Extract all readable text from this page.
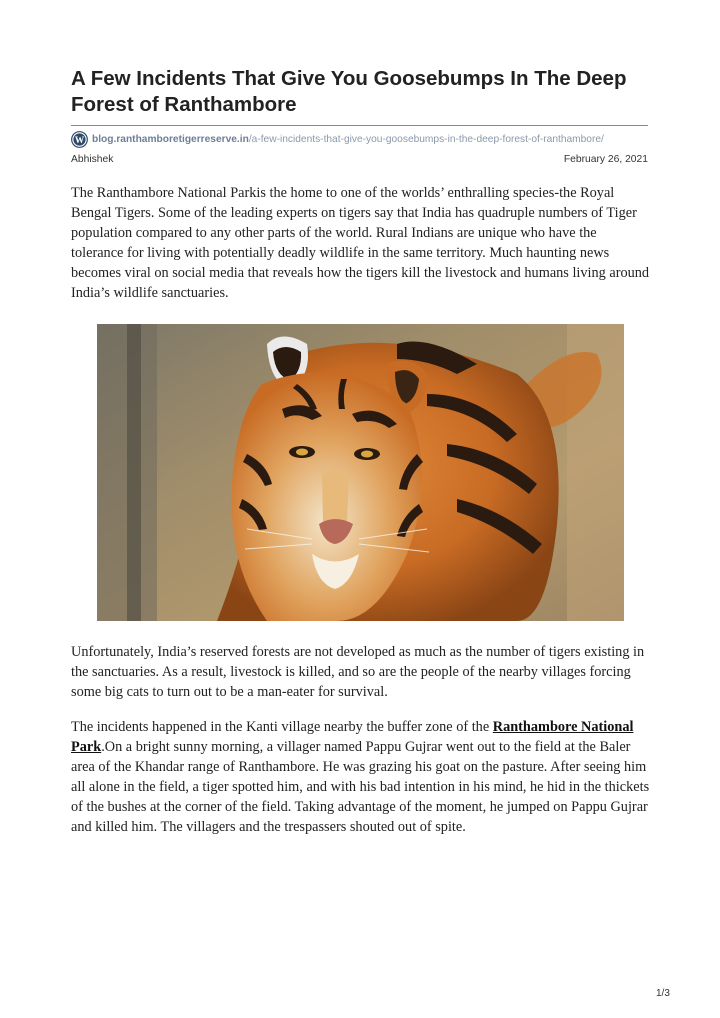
A Few Incidents That Give You Goosebumps In The Deep Forest of Ranthambore
W blog.ranthamboretigerreserve.in /a-few-incidents-that-give-you-goosebumps-in-the-deep-forest-of-ranthambore/
Abhishek	February 26, 2021

The Ranthambore National Parkis the home to one of the worlds’ enthralling species-the Royal Bengal Tigers. Some of the leading experts on tigers say that India has quadruple numbers of Tiger population compared to any other parts of the world. Rural Indians are unique who have the tolerance for living with potentially deadly wildlife in the same territory. Much haunting news becomes viral on social media that reveals how the tigers kill the livestock and humans living around India’s wildlife sanctuaries.

Unfortunately, India’s reserved forests are not developed as much as the number of tigers existing in the sanctuaries. As a result, livestock is killed, and so are the people of the nearby villages forcing some big cats to turn out to be a man-eater for survival.

The incidents happened in the Kanti village nearby the buffer zone of the Ranthambore National Park.On a bright sunny morning, a villager named Pappu Gujrar went out to the field at the Baler area of the Khandar range of Ranthambore. He was grazing his goat on the pasture. After seeing him all alone in the field, a tiger spotted him, and with his bad intention in his mind, he hid in the thickets of the bushes at the corner of the field. Taking advantage of the moment, he jumped on Pappu Gujrar and killed him. The villagers and the trespassers shouted out of spite.

1/3
